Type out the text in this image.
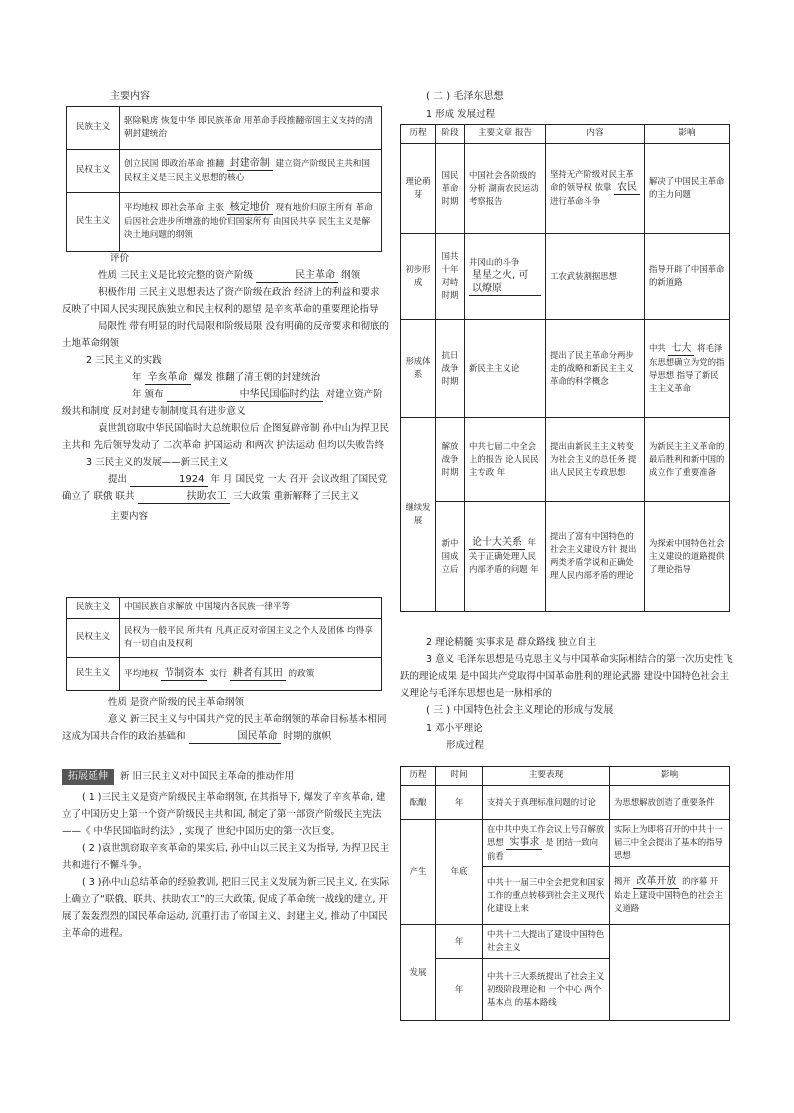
主要内容
民族主义	驱除鞑虏 恢复中华 即民族革命 用革命手段推翻帝国主义支持的清朝封建统治
民权主义	创立民国 即政治革命 推翻 封建帝制 建立资产阶级民主共和国 民权主义是三民主义思想的核心
民生主义	平均地权 即社会革命 主张 核定地价 现有地价归原主所有 革命后因社会进步所增涨的地价归国家所有 由国民共享 民生主义是解决土地问题的纲领

评价

性质 三民主义是比较完整的资产阶级	民主革命 纲领

积极作用 三民主义思想表达了资产阶级在政治 经济上的利益和要求 反映了中国人民实现民族独立和民主权利的愿望 是辛亥革命的重要理论指导

局限性 带有明显的时代局限和阶级局限 没有明确的反帝要求和彻底的土地革命纲领

2 三民主义的实践

年 辛亥革命 爆发 推翻了清王朝的封建统治

年 颁布	中华民国临时约法 对建立资产阶级共和制度 反对封建专制制度具有进步意义

袁世凯窃取中华民国临时大总统职位后 企图复辟帝制 孙中山为捍卫民主共和 先后领导发动了 二次革命 护国运动 和两次 护法运动 但均以失败告终

3 三民主义的发展——新三民主义

提出	1924 年 月 国民党 一大 召开 会议改组了国民党 确立了 联俄 联共	扶助农工 三大政策 重新解释了三民主义

主要内容

民族主义	中国民族自求解放 中国境内各民族一律平等
民权主义	民权为一般平民 所共有 凡真正反对帝国主义之个人及团体 均得享有一切自由及权利
民生主义	平均地权 节制资本 实行 耕者有其田 的政策

性质 是资产阶级的民主革命纲领

意义 新三民主义与中国共产党的民主革命纲领的革命目标基本相同 这成为国共合作的政治基础和	国民革命 时期的旗帜

拓展延伸 新 旧三民主义对中国民主革命的推动作用

( 1 )三民主义是资产阶级民主革命纲领, 在其指导下, 爆发了辛亥革命, 建立了中国历史上第一个资产阶级民主共和国, 制定了第一部资产阶级民主宪法——《 中华民国临时约法》, 实现了 世纪中国历史的第一次巨变。

( 2 )袁世凯窃取辛亥革命的果实后, 孙中山以三民主义为指导, 为捍卫民主共和进行不懈斗争。

( 3 )孙中山总结革命的经验教训, 把旧三民主义发展为新三民主义, 在实际上确立了“联俄、联共、扶助农工”的三大政策, 促成了革命统一战线的建立, 开展了轰轰烈烈的国民革命运动, 沉重打击了帝国主义、封建主义, 推动了中国民主革命的进程。

( 二 ) 毛泽东思想
1 形成 发展过程
历程	阶段	主要文章 报告	内容	影响
理论萌芽	国民革命时期	中国社会各阶级的分析 湖南农民运动考察报告	坚持无产阶级对民主革命的领导权 依靠 农民 进行革命斗争	解决了中国民主革命的主力问题
初步形成	国共十年对峙时期	井冈山的斗争 星星之火, 可以燎原	工农武装割据思想	指导开辟了中国革命的新道路
形成体系	抗日战争时期	新民主主义论	提出了民主革命分两步走的战略和新民主主义革命的科学概念	中共 七大 将毛泽东思想确立为党的指导思想 指导了新民主主义革命
继续发展	解放战争时期	中共七届二中全会上的报告 论人民民主专政 年	提出由新民主主义转变为社会主义的总任务 提出人民民主专政思想	为新民主主义革命的最后胜利和新中国的成立作了重要准备
	新中国成立后	论十大关系 年 关于正确处理人民内部矛盾的问题 年	提出了富有中国特色的社会主义建设方针 提出两类矛盾学说和正确处理人民内部矛盾的理论	为探索中国特色社会主义建设的道路提供了理论指导

2 理论精髓 实事求是 群众路线 独立自主

3 意义 毛泽东思想是马克思主义与中国革命实际相结合的第一次历史性飞跃的理论成果 是中国共产党取得中国革命胜利的理论武器 建设中国特色社会主义理论与毛泽东思想也是一脉相承的

( 三 ) 中国特色社会主义理论的形成与发展

1 邓小平理论

形成过程

历程	时间	主要表现	影响
酝酿	年	支持关于真理标准问题的讨论	为思想解放创造了重要条件
产生	年底	在中共中央工作会议上号召解放思想 实事求 是 团结一致向前看	实际上为即将召开的中共十一届三中全会提出了基本的指导思想
		中共十一届三中全会把党和国家工作的重点转移到社会主义现代化建设上来	揭开 改革开放 的序幕 开始走上建设中国特色的社会主义道路
发展	年	中共十二大提出了建设中国特色社会主义	
	年	中共十三大系统提出了社会主义初级阶段理论和 一个中心 两个基本点 的基本路线	
